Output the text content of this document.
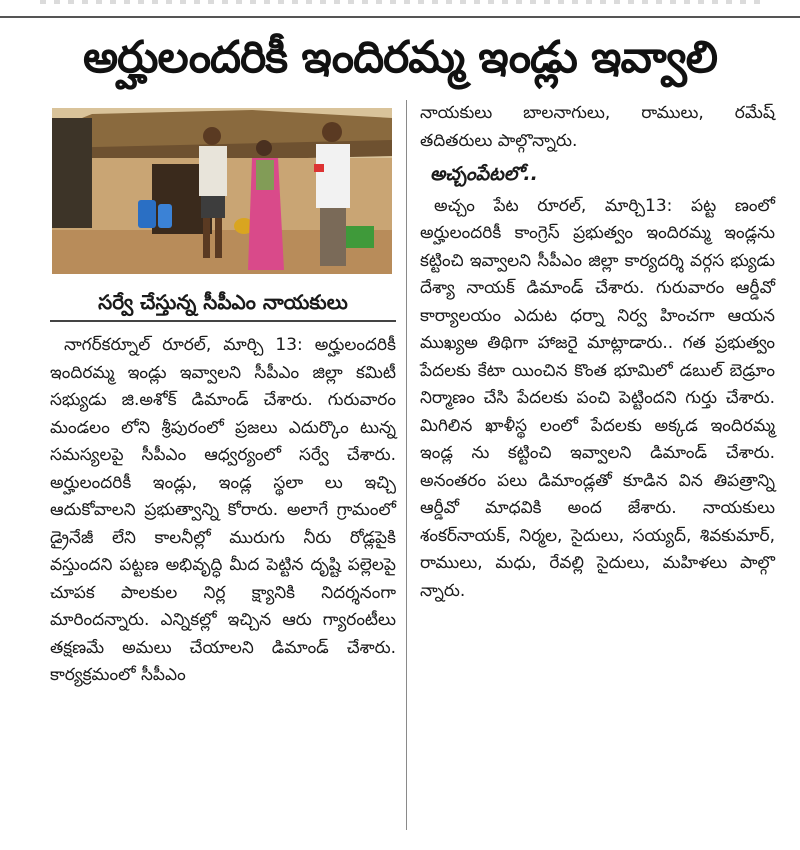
అర్హులందరికీ ఇందిరమ్మ ఇండ్లు ఇవ్వాలి
సర్వే చేస్తున్న సీపీఎం నాయకులు

నాగర్‌కర్నూల్ రూరల్, మార్చి 13: అర్హులందరికీ ఇందిరమ్మ ఇండ్లు ఇవ్వాలని సీపీఎం జిల్లా కమిటీ సభ్యుడు జి.అశోక్ డిమాండ్ చేశారు. గురువారం మండలం లోని శ్రీపురంలో ప్రజలు ఎదుర్కొం టున్న సమస్యలపై సీపీఎం ఆధ్వర్యంలో సర్వే చేశారు. అర్హులందరికీ ఇండ్లు, ఇండ్ల స్థలా లు ఇచ్చి ఆదుకోవాలని ప్రభుత్వాన్ని కోరారు. అలాగే గ్రామంలో డ్రైనేజీ లేని కాలనీల్లో మురుగు నీరు రోడ్లపైకి వస్తుందని పట్టణ అభివృద్ధి మీద పెట్టిన దృష్టి పల్లెలపై చూపక పాలకుల నిర్ల క్ష్యానికి నిదర్శనంగా మారిందన్నారు. ఎన్నికల్లో ఇచ్చిన ఆరు గ్యారంటీలు తక్షణమే అమలు చేయాలని డిమాండ్ చేశారు. కార్యక్రమంలో సీపీఎం

నాయకులు బాలనాగులు, రాములు, రమేష్ తదితరులు పాల్గొన్నారు.

అచ్చంపేటలో..

అచ్చం పేట రూరల్, మార్చి13: పట్ట ణంలో అర్హులందరికీ కాంగ్రెస్ ప్రభుత్వం ఇందిరమ్మ ఇండ్లను కట్టించి ఇవ్వాలని సీపీఎం జిల్లా కార్యదర్శి వర్గస భ్యుడు దేశ్యా నాయక్ డిమాండ్ చేశారు. గురువారం ఆర్డీవో కార్యాలయం ఎదుట ధర్నా నిర్వ హించగా ఆయన ముఖ్యఅ తిథిగా హాజరై మాట్లాడారు.. గత ప్రభుత్వం పేదలకు కేటా యించిన కొంత భూమిలో డబుల్ బెడ్రూం నిర్మాణం చేసి పేదలకు పంచి పెట్టిందని గుర్తు చేశారు. మిగిలిన ఖాళీస్థ లంలో పేదలకు అక్కడ ఇందిరమ్మ ఇండ్ల ను కట్టించి ఇవ్వాలని డిమాండ్ చేశారు. అనంతరం పలు డిమాండ్లతో కూడిన విన తిపత్రాన్ని ఆర్డీవో మాధవికి అంద జేశారు. నాయకులు శంకర్‌నాయక్, నిర్మల, సైదులు, సయ్యద్, శివకుమార్, రాములు, మధు, రేవల్లి సైదులు, మహిళలు పాల్గొ న్నారు.
